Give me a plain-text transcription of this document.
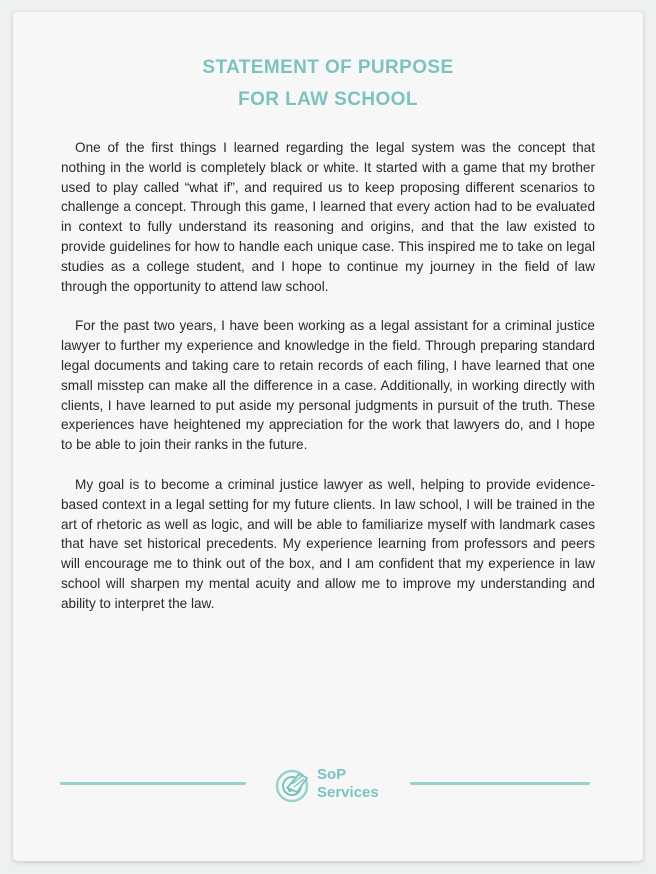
STATEMENT OF PURPOSE
FOR LAW SCHOOL

One of the first things I learned regarding the legal system was the concept that nothing in the world is completely black or white. It started with a game that my brother used to play called “what if”, and required us to keep proposing different scenarios to challenge a concept. Through this game, I learned that every action had to be evaluated in context to fully understand its reasoning and origins, and that the law existed to provide guidelines for how to handle each unique case. This inspired me to take on legal studies as a college student, and I hope to continue my journey in the field of law through the opportunity to attend law school.

For the past two years, I have been working as a legal assistant for a criminal justice lawyer to further my experience and knowledge in the field. Through preparing standard legal documents and taking care to retain records of each filing, I have learned that one small misstep can make all the difference in a case. Additionally, in working directly with clients, I have learned to put aside my personal judgments in pursuit of the truth. These experiences have heightened my appreciation for the work that lawyers do, and I hope to be able to join their ranks in the future.

My goal is to become a criminal justice lawyer as well, helping to provide evidence-based context in a legal setting for my future clients. In law school, I will be trained in the art of rhetoric as well as logic, and will be able to familiarize myself with landmark cases that have set historical precedents. My experience learning from professors and peers will encourage me to think out of the box, and I am confident that my experience in law school will sharpen my mental acuity and allow me to improve my understanding and ability to interpret the law.

SoP
Services
